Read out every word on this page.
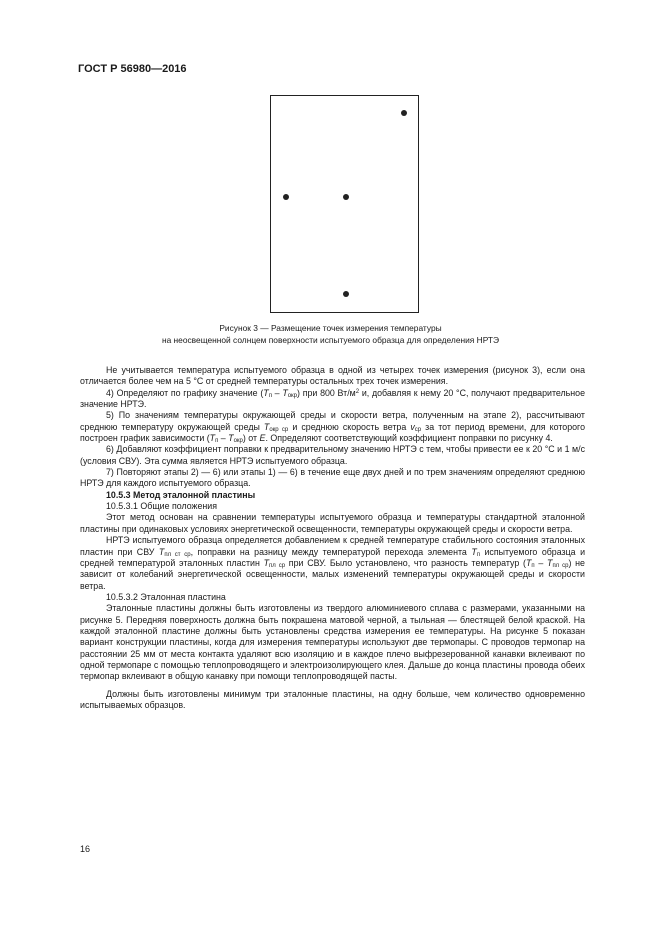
ГОСТ Р 56980—2016
Рисунок 3 — Размещение точек измерения температуры
на неосвещенной солнцем поверхности испытуемого образца для определения НРТЭ

Не учитывается температура испытуемого образца в одной из четырех точек измерения (рисунок 3), если она отличается более чем на 5 °С от средней температуры остальных трех точек измерения.

4) Определяют по графику значение $(T_п - T_{окр})$ при 800 $Вт/м^2$ и, добавляя к нему 20 °С, получают предварительное значение НРТЭ.

5) По значениям температуры окружающей среды и скорости ветра, полученным на этапе 2), рассчитывают среднюю температуру окружающей среды $T_{окр ср}$ и среднюю скорость ветра $v_{ср}$ за тот период времени, для которого построен график зависимости $(T_п - T_{окр})$ от E. Определяют соответствующий коэффициент поправки по рисунку 4.

6) Добавляют коэффициент поправки к предварительному значению НРТЭ с тем, чтобы привести ее к 20 °С и 1 м/с (условия СВУ). Эта сумма является НРТЭ испытуемого образца.

7) Повторяют этапы 2) — 6) или этапы 1) — 6) в течение еще двух дней и по трем значениям определяют среднюю НРТЭ для каждого испытуемого образца.

10.5.3 Метод эталонной пластины

10.5.3.1 Общие положения

Этот метод основан на сравнении температуры испытуемого образца и температуры стандартной эталонной пластины при одинаковых условиях энергетической освещенности, температуры окружающей среды и скорости ветра.

НРТЭ испытуемого образца определяется добавлением к средней температуре стабильного состояния эталонных пластин при СВУ $T_{пл ст ср}$, поправки на разницу между температурой перехода элемента $T_п$ испытуемого образца и средней температурой эталонных пластин $T_{пл ср}$ при СВУ. Было установлено, что разность температур $(T_п - T_{пл ср})$ не зависит от колебаний энергетической освещенности, малых изменений температуры окружающей среды и скорости ветра.

10.5.3.2 Эталонная пластина

Эталонные пластины должны быть изготовлены из твердого алюминиевого сплава с размерами, указанными на рисунке 5. Передняя поверхность должна быть покрашена матовой черной, а тыльная — блестящей белой краской. На каждой эталонной пластине должны быть установлены средства измерения ее температуры. На рисунке 5 показан вариант конструкции пластины, когда для измерения температуры используют две термопары. С проводов термопар на расстоянии 25 мм от места контакта удаляют всю изоляцию и в каждое плечо выфрезерованной канавки вклеивают по одной термопаре с помощью теплопроводящего и электроизолирующего клея. Дальше до конца пластины провода обеих термопар вклеивают в общую канавку при помощи теплопроводящей пасты.

Должны быть изготовлены минимум три эталонные пластины, на одну больше, чем количество одновременно испытываемых образцов.

16
